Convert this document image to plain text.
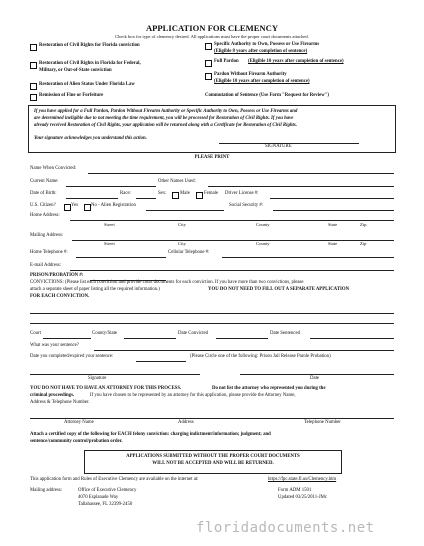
APPLICATION FOR CLEMENCY
Check box for type of clemency desired. All applications must have the proper court documents attached.
Restoration of Civil Rights for Florida conviction
Restoration of Civil Rights in Florida for Federal,
Military, or Out-of-State conviction
Restoration of Alien Status Under Florida Law
Remission of Fine or Forfeiture
Specific Authority to Own, Possess or Use Firearms
(Eligible 8 years after completion of sentence)
Full Pardon (Eligible 10 years after completion of sentence)
Pardon Without Firearm Authority
(Eligible 10 years after completion of sentence)
Commutation of Sentence (Use Form "Request for Review")
If you have applied for a Full Pardon, Pardon Without Firearm Authority or Specific Authority to Own, Possess or Use Firearms and
are determined ineligible due to not meeting the time requirement, you will be processed for Restoration of Civil Rights. If you have
already received Restoration of Civil Rights, your application will be returned along with a Certificate for Restoration of Civil Rights.
Your signature acknowledges you understand this action.
SIGNATURE
PLEASE PRINT
Name When Convicted:
Current Name:	Other Names Used:
Date of Birth:	Race:	Sex:	Male	Female Driver License #:
U.S. Citizen?	Yes	No - Alien Registration	Social Security #:
Home Address:
Street	City	County	State	Zip
Mailing Address:
Street	City	County	State	Zip
Home Telephone #:	Cellular Telephone #:
E-mail Address:
PRISON/PROBATION #:
CONVICTIONS: (Please list each conviction and provide court documents for each conviction. If you have more than two convictions, please
attach a separate sheet of paper listing all the required information.)	YOU DO NOT NEED TO FILL OUT A SEPARATE APPLICATION
FOR EACH CONVICTION.
Court	County/State	Date Convicted	Date Sentenced
What was your sentence?
Date you completed/expired your sentence:	(Please Circle one of the following: Prison Jail Release Parole Probation)
Signature	Date
YOU DO NOT HAVE TO HAVE AN ATTORNEY FOR THIS PROCESS.	Do not list the attorney who represented you during the
criminal proceedings.	If you have chosen to be represented by an attorney for this application, please provide the Attorney Name,
Address & Telephone Number.
Attorney Name	Address	Telephone Number
Attach a certified copy of the following for EACH felony conviction: charging indictment/information; judgment; and
sentence/community control/probation order.
APPLICATIONS SUBMITTED WITHOUT THE PROPER COURT DOCUMENTS
WILL NOT BE ACCEPTED AND WILL BE RETURNED.
This application form and Rules of Executive Clemency are available on the internet at:	https://fpc.state.fl.us/Clemency.htm
Mailing address:	Office of Executive Clemency
4070 Esplanade Way
Tallahassee, FL 32399-2450
Form ADM 1501
Updated 03/25/2011-JMc
floridadocuments.net
